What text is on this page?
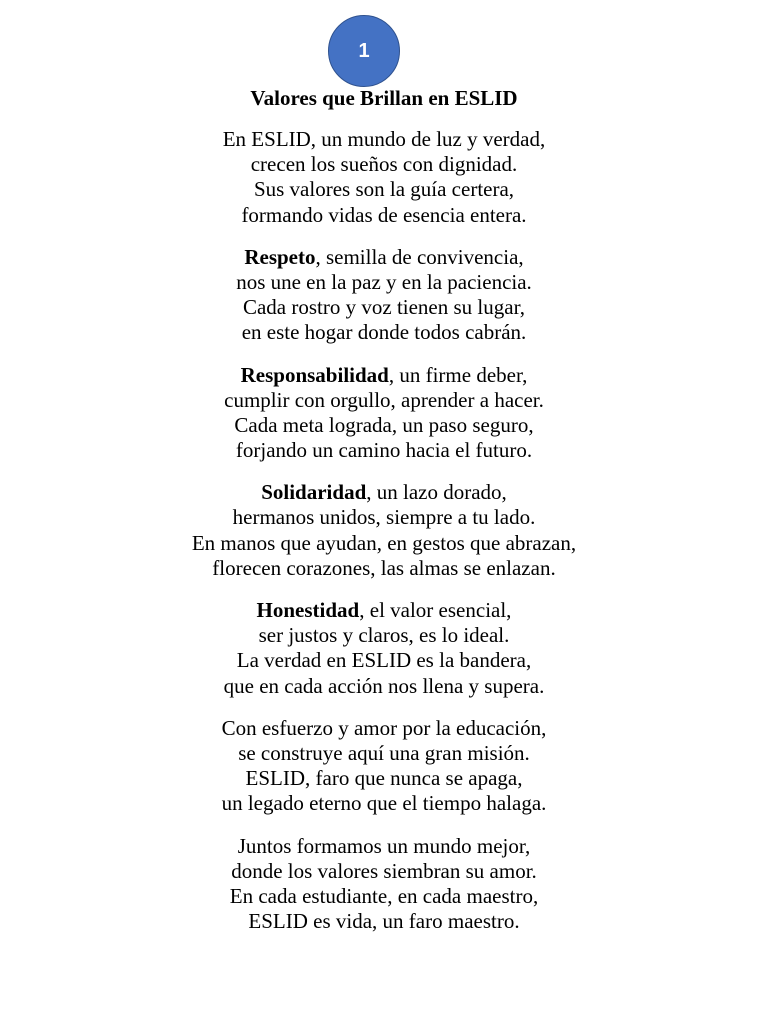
1
Valores que Brillan en ESLID
En ESLID, un mundo de luz y verdad,
crecen los sueños con dignidad.
Sus valores son la guía certera,
formando vidas de esencia entera.
Respeto, semilla de convivencia,
nos une en la paz y en la paciencia.
Cada rostro y voz tienen su lugar,
en este hogar donde todos cabrán.
Responsabilidad, un firme deber,
cumplir con orgullo, aprender a hacer.
Cada meta lograda, un paso seguro,
forjando un camino hacia el futuro.
Solidaridad, un lazo dorado,
hermanos unidos, siempre a tu lado.
En manos que ayudan, en gestos que abrazan,
florecen corazones, las almas se enlazan.
Honestidad, el valor esencial,
ser justos y claros, es lo ideal.
La verdad en ESLID es la bandera,
que en cada acción nos llena y supera.
Con esfuerzo y amor por la educación,
se construye aquí una gran misión.
ESLID, faro que nunca se apaga,
un legado eterno que el tiempo halaga.
Juntos formamos un mundo mejor,
donde los valores siembran su amor.
En cada estudiante, en cada maestro,
ESLID es vida, un faro maestro.
